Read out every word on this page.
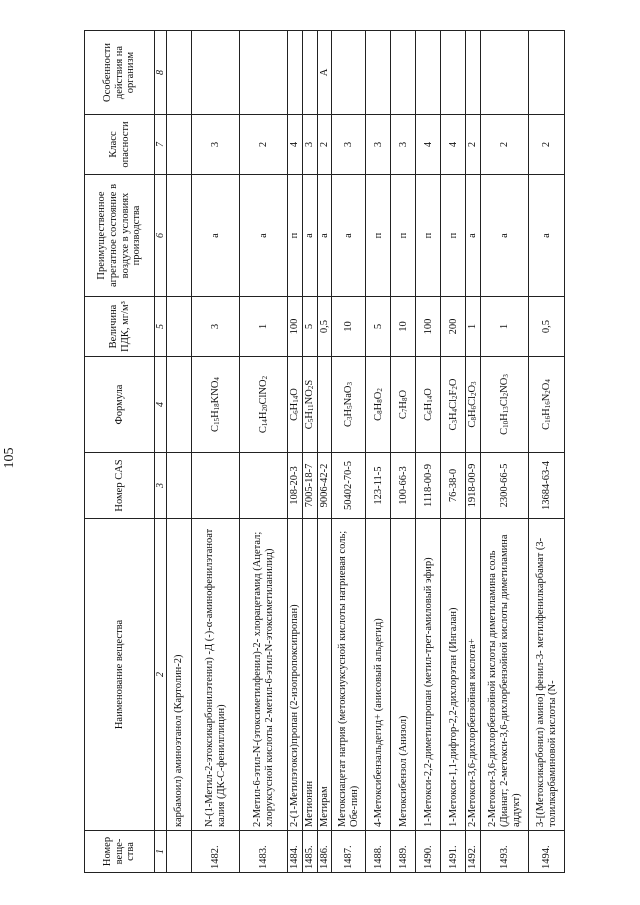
105
Номер веще-ства	Наименование вещества	Номер CAS	Формула	Величина ПДК, мг/м³	Преимущественное агрегатное состояние в воздухе в условиях производства	Класс опасности	Особенности действия на организм
1	2	3	4	5	6	7	8
	карбамоил) аминоэтанол (Картолин-2)						
1482.	N-(1-Метил-2-этоксикарбонилэтенил) -Д (-)-α-аминофенилэтаноат калия (ДК-С-фенилглицин)		$C_{15}H_{18}KNO_4$	3	а	3	
1483.	2-Метил-6-этил-N-(этоксиметилфенил)-2- хлорацетамид (Ацетал; хлоруксусной кислоты 2-метил-6-этил-N-этоксиметиланилид)		$C_{14}H_{20}ClNO_2$	1	а	2	
1484.	2-(1-Метилэтокси)пропан (2-изопропоксипропан)	108-20-3	$C_6H_{14}O$	100	п	4	
1485.	Метионин	7005-18-7	$C_5H_{11}NO_2S$	5	а	3	
1486.	Метирам	9006-42-2		0,5	а	2	А
1487.	Метоксиацетат натрия (метоксиуксусной кислоты натриевая соль; Обе-пин)	50402-70-5	$C_3H_5NaO_3$	10	а	3	
1488.	4-Метоксибензальдегид+ (анисовый альдегид)	123-11-5	$C_8H_8O_2$	5	п	3	
1489.	Метоксибензол (Анизол)	100-66-3	$C_7H_8O$	10	п	3	
1490.	1-Метокси-2,2-диметилпропан (метил-трет-амиловый эфир)	1118-00-9	$C_6H_{14}O$	100	п	4	
1491.	1-Метокси-1,1-дифтор-2,2-дихлорэтан (Ингалан)	76-38-0	$C_3H_4Cl_2F_2O$	200	п	4	
1492.	2-Метокси-3,6-дихлорбензойная кислота+	1918-00-9	$C_8H_6Cl_2O_3$	1	а	2	
1493.	2-Метокси-3,6-дихлорбензойной кислоты диметиламина соль (Дианат; 2-метокси-3,6-дихлорбензойной кислоты диметиламина аддукт)	2300-66-5	$C_{10}H_{13}Cl_2NO_3$	1	а	2	
1494.	3-[(Метоксикарбонил) амино] фенил-3- метилфенилкарбамат (3-толилкарбаминовой кислоты (N-	13684-63-4	$C_{16}H_{16}N_2O_4$	0,5	а	2	
